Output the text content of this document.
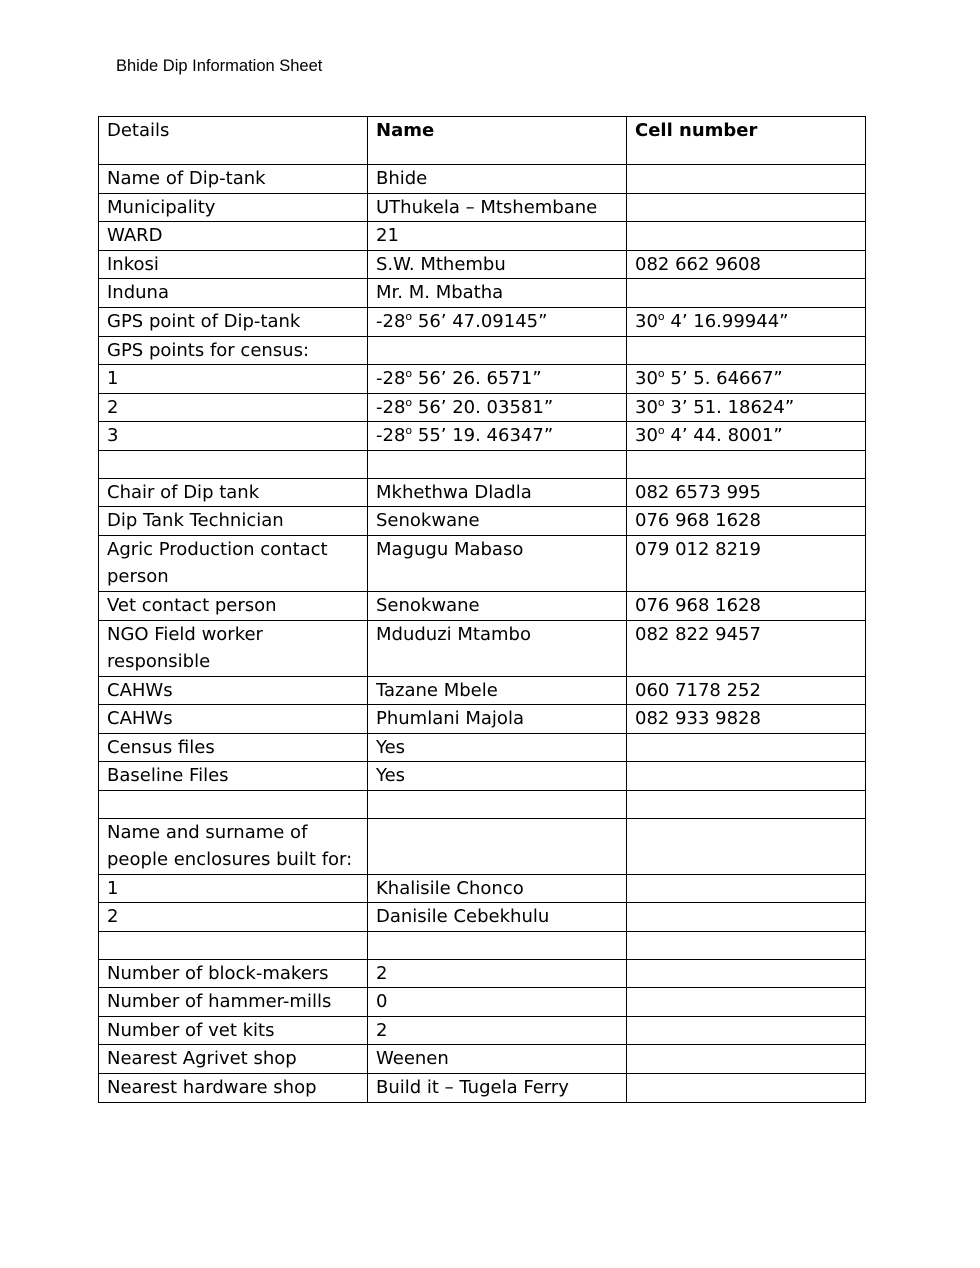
Bhide Dip Information Sheet
Details	Name	Cell number
Name of Dip-tank	Bhide	
Municipality	UThukela – Mtshembane	
WARD	21	
Inkosi	S.W. Mthembu	082 662 9608
Induna	Mr. M. Mbatha	
GPS point of Dip-tank	-28$^o$ 56’ 47.09145”	30$^o$ 4’ 16.99944”
GPS points for census:		
1	-28$^o$ 56’ 26. 6571”	30$^o$ 5’ 5. 64667”
2	-28$^o$ 56’ 20. 03581”	30$^o$ 3’ 51. 18624”
3	-28$^o$ 55’ 19. 46347”	30$^o$ 4’ 44. 8001”

Chair of Dip tank	Mkhethwa Dladla	082 6573 995
Dip Tank Technician	Senokwane	076 968 1628
Agric Production contact person	Magugu Mabaso	079 012 8219
Vet contact person	Senokwane	076 968 1628
NGO Field worker responsible	Mduduzi Mtambo	082 822 9457
CAHWs	Tazane Mbele	060 7178 252
CAHWs	Phumlani Majola	082 933 9828
Census files	Yes	
Baseline Files	Yes	

Name and surname of people enclosures built for:		
1	Khalisile Chonco	
2	Danisile Cebekhulu	

Number of block-makers	2	
Number of hammer-mills	0	
Number of vet kits	2	
Nearest Agrivet shop	Weenen	
Nearest hardware shop	Build it – Tugela Ferry	
